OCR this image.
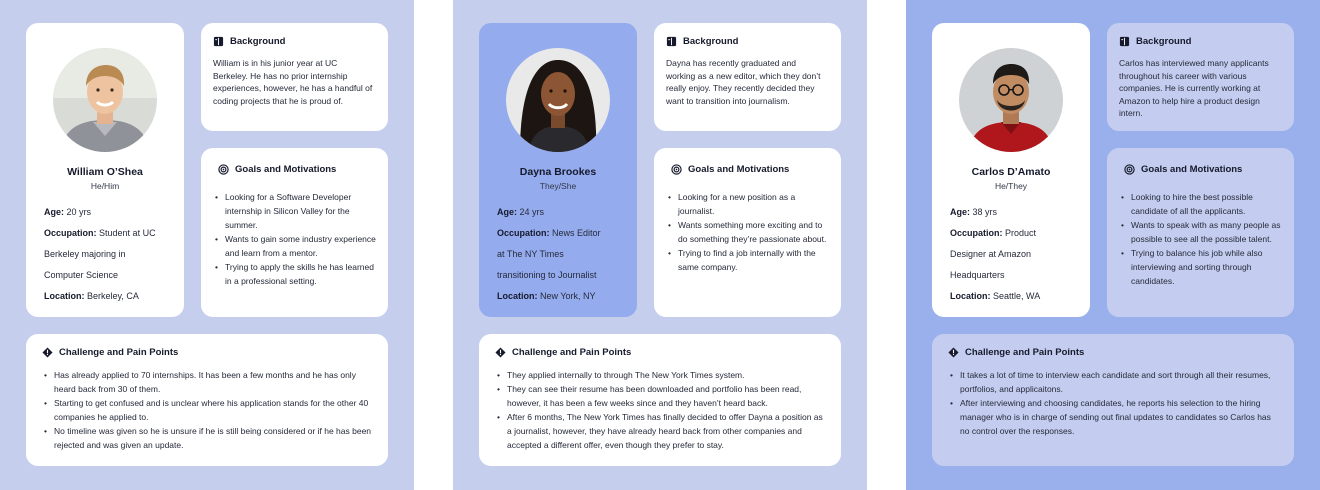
William O’Shea
He/Him
Age: 20 yrs
Occupation: Student at UC
Berkeley majoring in
Computer Science
Location: Berkeley, CA
Background

William is in his junior year at UC Berkeley. He has no prior internship experiences, however, he has a handful of coding projects that he is proud of.

Goals and Motivations
• Looking for a Software Developer internship in Silicon Valley for the summer.
• Wants to gain some industry experience and learn from a mentor.
• Trying to apply the skills he has learned in a professional setting.
Challenge and Pain Points
• Has already applied to 70 internships. It has been a few months and he has only heard back from 30 of them.
• Starting to get confused and is unclear where his application stands for the other 40 companies he applied to.
• No timeline was given so he is unsure if he is still being considered or if he has been rejected and was given an update.
Dayna Brookes
They/She
Age: 24 yrs
Occupation: News Editor
at The NY Times
transitioning to Journalist
Location: New York, NY
Background

Dayna has recently graduated and working as a new editor, which they don’t really enjoy. They recently decided they want to transition into journalism.

Goals and Motivations
• Looking for a new position as a journalist.
• Wants something more exciting and to do something they’re passionate about.
• Trying to find a job internally with the same company.
Challenge and Pain Points
• They applied internally to through The New York Times system.
• They can see their resume has been downloaded and portfolio has been read, however, it has been a few weeks since and they haven’t heard back.
• After 6 months, The New York Times has finally decided to offer Dayna a position as a journalist, however, they have already heard back from other companies and accepted a different offer, even though they prefer to stay.
Carlos D’Amato
He/They
Age: 38 yrs
Occupation: Product
Designer at Amazon
Headquarters
Location: Seattle, WA
Background

Carlos has interviewed many applicants throughout his career with various companies. He is currently working at Amazon to help hire a product design intern.

Goals and Motivations
• Looking to hire the best possible candidate of all the applicants.
• Wants to speak with as many people as possible to see all the possible talent.
• Trying to balance his job while also interviewing and sorting through candidates.
Challenge and Pain Points
• It takes a lot of time to interview each candidate and sort through all their resumes, portfolios, and applicaitons.
• After interviewing and choosing candidates, he reports his selection to the hiring manager who is in charge of sending out final updates to candidates so Carlos has no control over the responses.
